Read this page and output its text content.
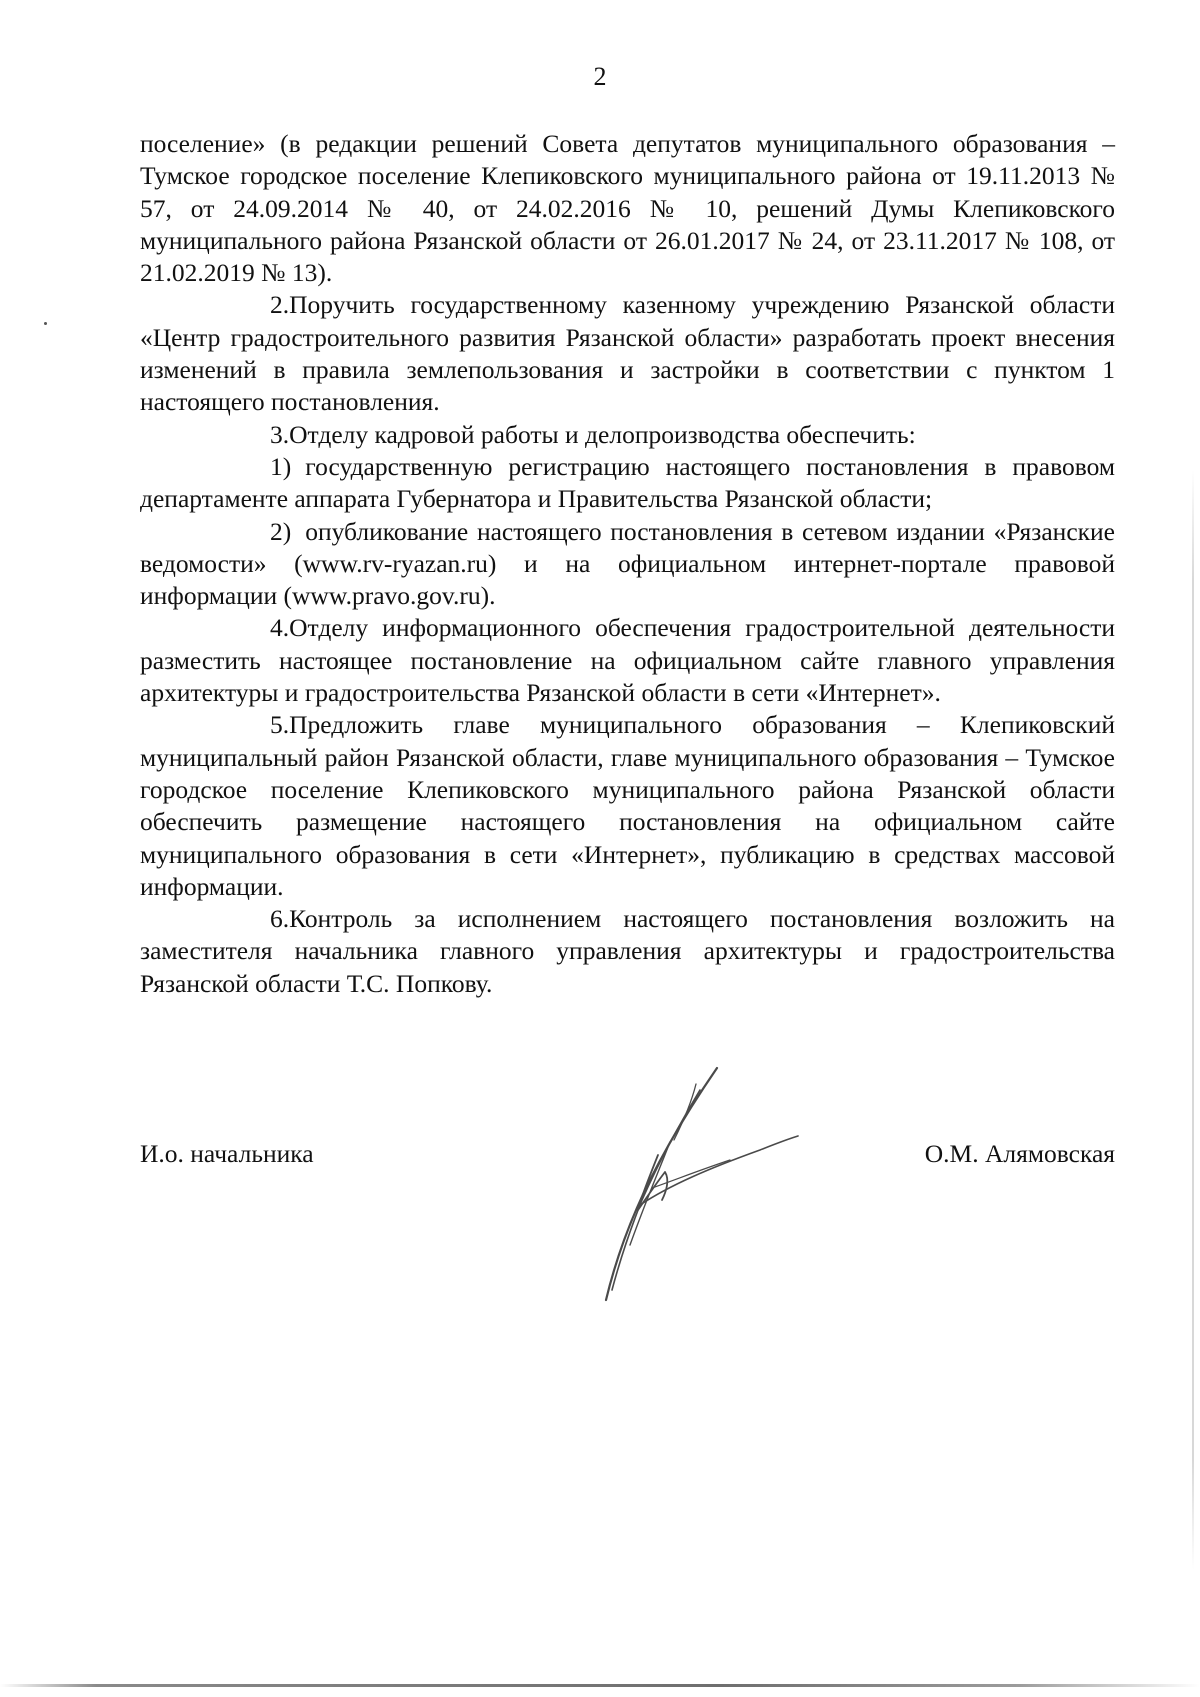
2

поселение» (в редакции решений Совета депутатов муниципального образования – Тумское городское поселение Клепиковского муниципального района от 19.11.2013 № 57, от 24.09.2014 № 40, от 24.02.2016 № 10, решений Думы Клепиковского муниципального района Рязанской области от 26.01.2017 № 24, от 23.11.2017 № 108, от 21.02.2019 № 13).

2.Поручить государственному казенному учреждению Рязанской области «Центр градостроительного развития Рязанской области» разработать проект внесения изменений в правила землепользования и застройки в соответствии с пунктом 1 настоящего постановления.

3.Отделу кадровой работы и делопроизводства обеспечить:

1) государственную регистрацию настоящего постановления в правовом департаменте аппарата Губернатора и Правительства Рязанской области;

2) опубликование настоящего постановления в сетевом издании «Рязанские ведомости» (www.rv-ryazan.ru) и на официальном интернет-портале правовой информации (www.pravo.gov.ru).

4.Отделу информационного обеспечения градостроительной деятельности разместить настоящее постановление на официальном сайте главного управления архитектуры и градостроительства Рязанской области в сети «Интернет».

5.Предложить главе муниципального образования – Клепиковский муниципальный район Рязанской области, главе муниципального образования – Тумское городское поселение Клепиковского муниципального района Рязанской области обеспечить размещение настоящего постановления на официальном сайте муниципального образования в сети «Интернет», публикацию в средствах массовой информации.

6.Контроль за исполнением настоящего постановления возложить на заместителя начальника главного управления архитектуры и градостроительства Рязанской области Т.С. Попкову.

И.о. начальника	О.М. Алямовская
